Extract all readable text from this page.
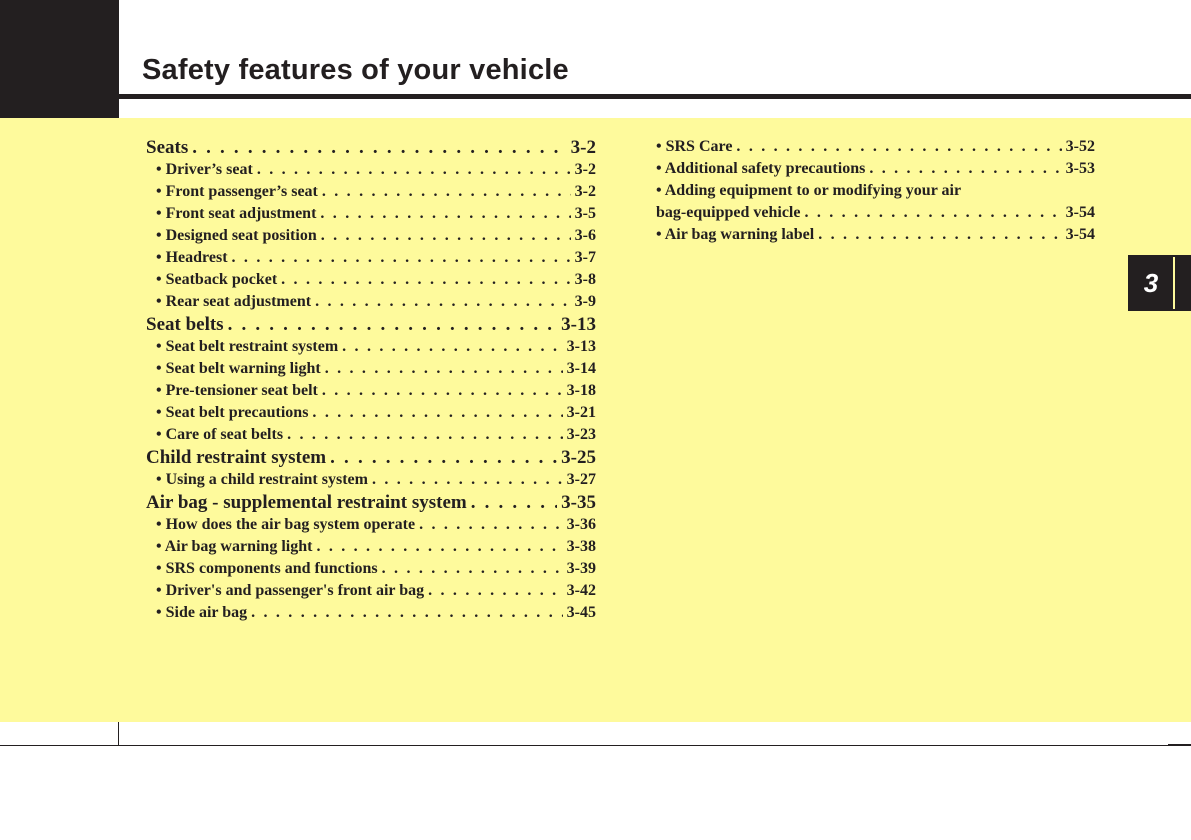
Safety features of your vehicle
3
Seats . . .	3-2
• Driver’s seat . . .	3-2
• Front passenger’s seat . . .	3-2
• Front seat adjustment . . .	3-5
• Designed seat position . . .	3-6
• Headrest . . .	3-7
• Seatback pocket . . .	3-8
• Rear seat adjustment . . .	3-9
Seat belts . . .	3-13
• Seat belt restraint system . . .	3-13
• Seat belt warning light . . .	3-14
• Pre-tensioner seat belt . . .	3-18
• Seat belt precautions . . .	3-21
• Care of seat belts . . .	3-23
Child restraint system . . .	3-25
• Using a child restraint system . . .	3-27
Air bag - supplemental restraint system . . .	3-35
• How does the air bag system operate . . .	3-36
• Air bag warning light . . .	3-38
• SRS components and functions . . .	3-39
• Driver's and passenger's front air bag . . .	3-42
• Side air bag . . .	3-45
• SRS Care . . .	3-52
• Additional safety precautions . . .	3-53
• Adding equipment to or modifying your air
bag-equipped vehicle . . .	3-54
• Air bag warning label . . .	3-54
